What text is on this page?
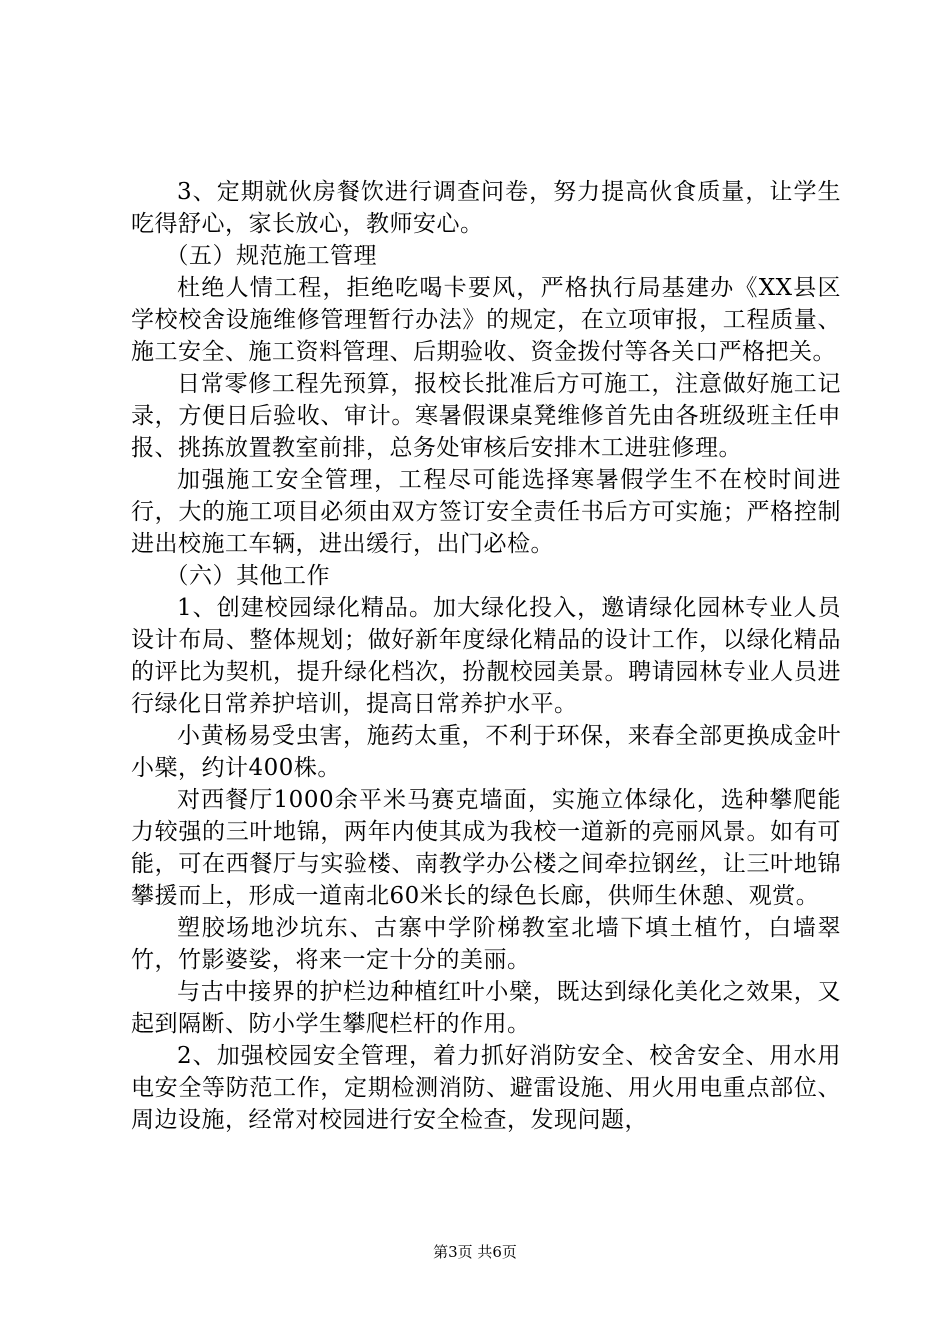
3、定期就伙房餐饮进行调查问卷，努力提高伙食质量，让学生吃得舒心，家长放心，教师安心。

（五）规范施工管理

杜绝人情工程，拒绝吃喝卡要风，严格执行局基建办《XX县区学校校舍设施维修管理暂行办法》的规定，在立项审报，工程质量、施工安全、施工资料管理、后期验收、资金拨付等各关口严格把关。

日常零修工程先预算，报校长批准后方可施工，注意做好施工记录，方便日后验收、审计。寒暑假课桌凳维修首先由各班级班主任申报、挑拣放置教室前排，总务处审核后安排木工进驻修理。

加强施工安全管理，工程尽可能选择寒暑假学生不在校时间进行，大的施工项目必须由双方签订安全责任书后方可实施；严格控制进出校施工车辆，进出缓行，出门必检。

（六）其他工作

1、创建校园绿化精品。加大绿化投入，邀请绿化园林专业人员设计布局、整体规划；做好新年度绿化精品的设计工作，以绿化精品的评比为契机，提升绿化档次，扮靓校园美景。聘请园林专业人员进行绿化日常养护培训，提高日常养护水平。

小黄杨易受虫害，施药太重，不利于环保，来春全部更换成金叶小檗，约计400株。

对西餐厅1000余平米马赛克墙面，实施立体绿化，选种攀爬能力较强的三叶地锦，两年内使其成为我校一道新的亮丽风景。如有可能，可在西餐厅与实验楼、南教学办公楼之间牵拉钢丝，让三叶地锦攀援而上，形成一道南北60米长的绿色长廊，供师生休憩、观赏。

塑胶场地沙坑东、古寨中学阶梯教室北墙下填土植竹，白墙翠竹，竹影婆娑，将来一定十分的美丽。

与古中接界的护栏边种植红叶小檗，既达到绿化美化之效果，又起到隔断、防小学生攀爬栏杆的作用。

2、加强校园安全管理，着力抓好消防安全、校舍安全、用水用电安全等防范工作，定期检测消防、避雷设施、用火用电重点部位、周边设施，经常对校园进行安全检查，发现问题，

第3页 共6页
